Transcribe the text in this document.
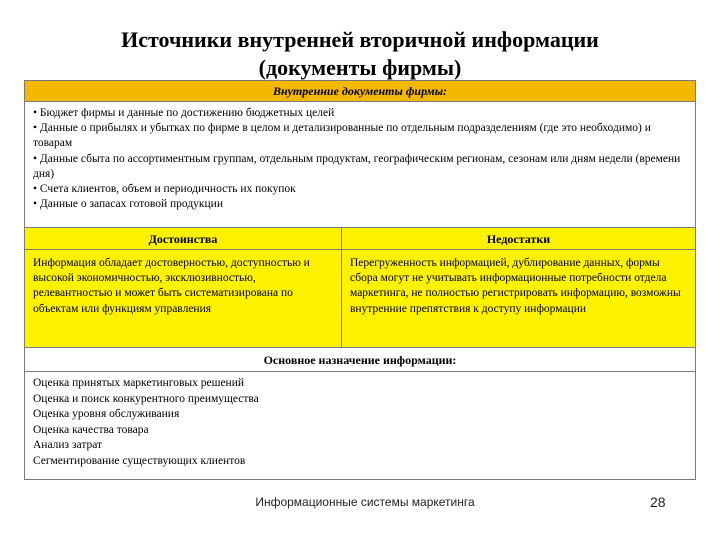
Источники внутренней вторичной информации
(документы фирмы)
Внутренние документы фирмы:
• Бюджет фирмы и данные по достижению бюджетных целей
• Данные о прибылях и убытках по фирме в целом и детализированные по отдельным подразделениям (где это необходимо) и товарам
• Данные сбыта по ассортиментным группам, отдельным продуктам, географическим регионам, сезонам или дням недели (времени дня)
• Счета клиентов, объем и периодичность их покупок
• Данные о запасах готовой продукции
Достоинства
Информация обладает достоверностью, доступностью и высокой экономичностью, эксклюзивностью, релевантностью и может быть систематизирована по объектам или функциям управления
Недостатки
Перегруженность информацией, дублирование данных, формы сбора могут не учитывать информационные потребности отдела маркетинга, не полностью регистрировать информацию, возможны внутренние препятствия к доступу информации
Основное назначение информации:
Оценка принятых маркетинговых решений
Оценка и поиск конкурентного преимущества
Оценка уровня обслуживания
Оценка качества товара
Анализ затрат
Сегментирование существующих клиентов
Информационные системы маркетинга	28
